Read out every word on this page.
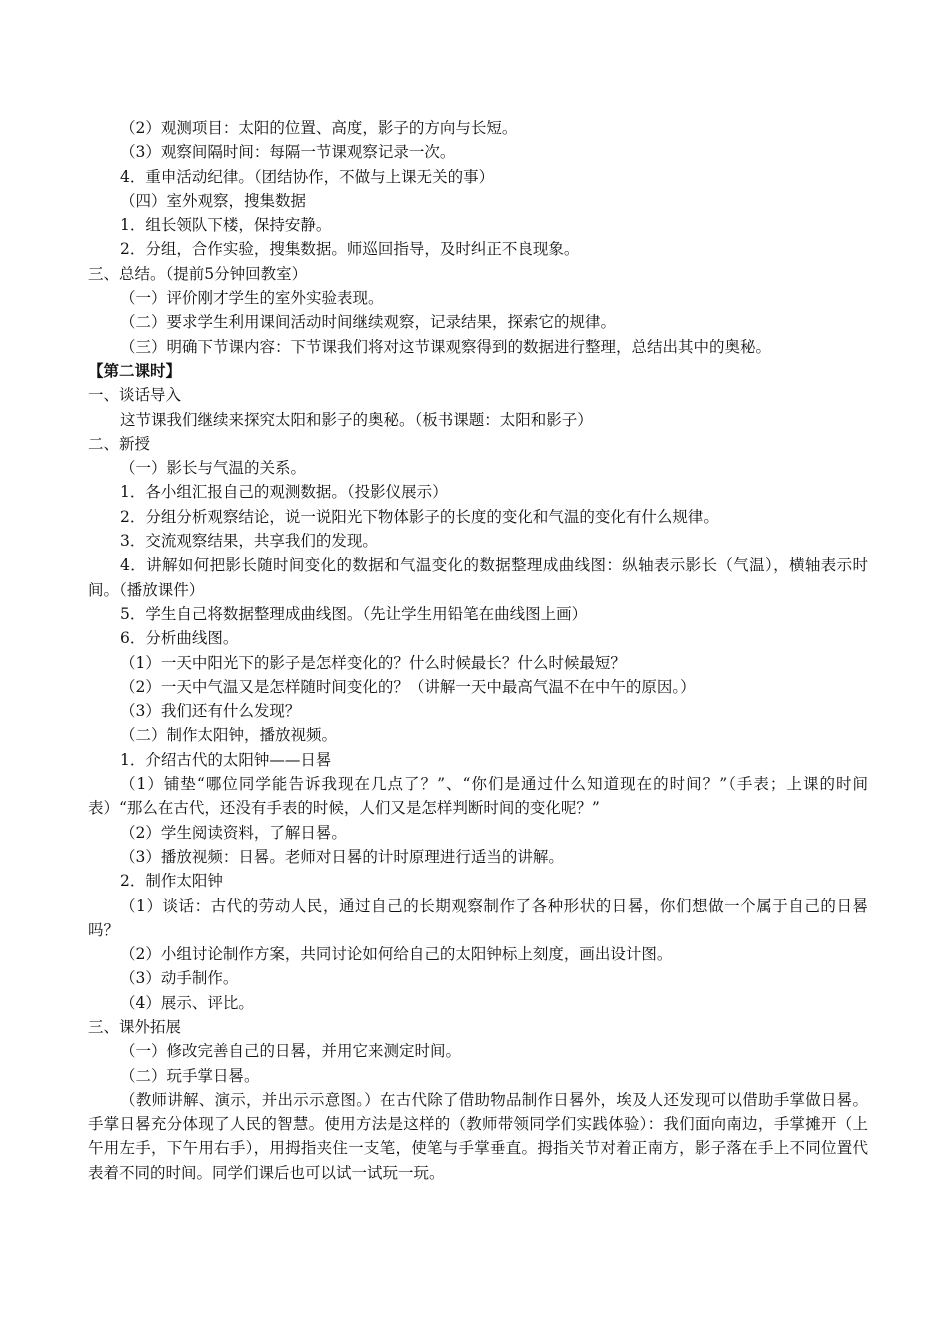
（2）观测项目：太阳的位置、高度，影子的方向与长短。
（3）观察间隔时间：每隔一节课观察记录一次。
4．重申活动纪律。（团结协作，不做与上课无关的事）
（四）室外观察，搜集数据
1．组长领队下楼，保持安静。
2．分组，合作实验，搜集数据。师巡回指导，及时纠正不良现象。
三、总结。（提前5分钟回教室）
（一）评价刚才学生的室外实验表现。
（二）要求学生利用课间活动时间继续观察，记录结果，探索它的规律。
（三）明确下节课内容：下节课我们将对这节课观察得到的数据进行整理，总结出其中的奥秘。
【第二课时】
一、谈话导入
这节课我们继续来探究太阳和影子的奥秘。（板书课题：太阳和影子）
二、新授
（一）影长与气温的关系。
1．各小组汇报自己的观测数据。（投影仪展示）
2．分组分析观察结论，说一说阳光下物体影子的长度的变化和气温的变化有什么规律。
3．交流观察结果，共享我们的发现。
4．讲解如何把影长随时间变化的数据和气温变化的数据整理成曲线图：纵轴表示影长（气温），横轴表示时间。（播放课件）
5．学生自己将数据整理成曲线图。（先让学生用铅笔在曲线图上画）
6．分析曲线图。
（1）一天中阳光下的影子是怎样变化的？什么时候最长？什么时候最短？
（2）一天中气温又是怎样随时间变化的？（讲解一天中最高气温不在中午的原因。）
（3）我们还有什么发现？
（二）制作太阳钟，播放视频。
1．介绍古代的太阳钟——日晷
（1）铺垫“哪位同学能告诉我现在几点了？”、“你们是通过什么知道现在的时间？”（手表；上课的时间表）“那么在古代，还没有手表的时候，人们又是怎样判断时间的变化呢？”
（2）学生阅读资料，了解日晷。
（3）播放视频：日晷。老师对日晷的计时原理进行适当的讲解。
2．制作太阳钟
（1）谈话：古代的劳动人民，通过自己的长期观察制作了各种形状的日晷，你们想做一个属于自己的日晷吗？
（2）小组讨论制作方案，共同讨论如何给自己的太阳钟标上刻度，画出设计图。
（3）动手制作。
（4）展示、评比。
三、课外拓展
（一）修改完善自己的日晷，并用它来测定时间。
（二）玩手掌日晷。
（教师讲解、演示，并出示示意图。）在古代除了借助物品制作日晷外，埃及人还发现可以借助手掌做日晷。手掌日晷充分体现了人民的智慧。使用方法是这样的（教师带领同学们实践体验）：我们面向南边，手掌摊开（上午用左手，下午用右手），用拇指夹住一支笔，使笔与手掌垂直。拇指关节对着正南方，影子落在手上不同位置代表着不同的时间。同学们课后也可以试一试玩一玩。
